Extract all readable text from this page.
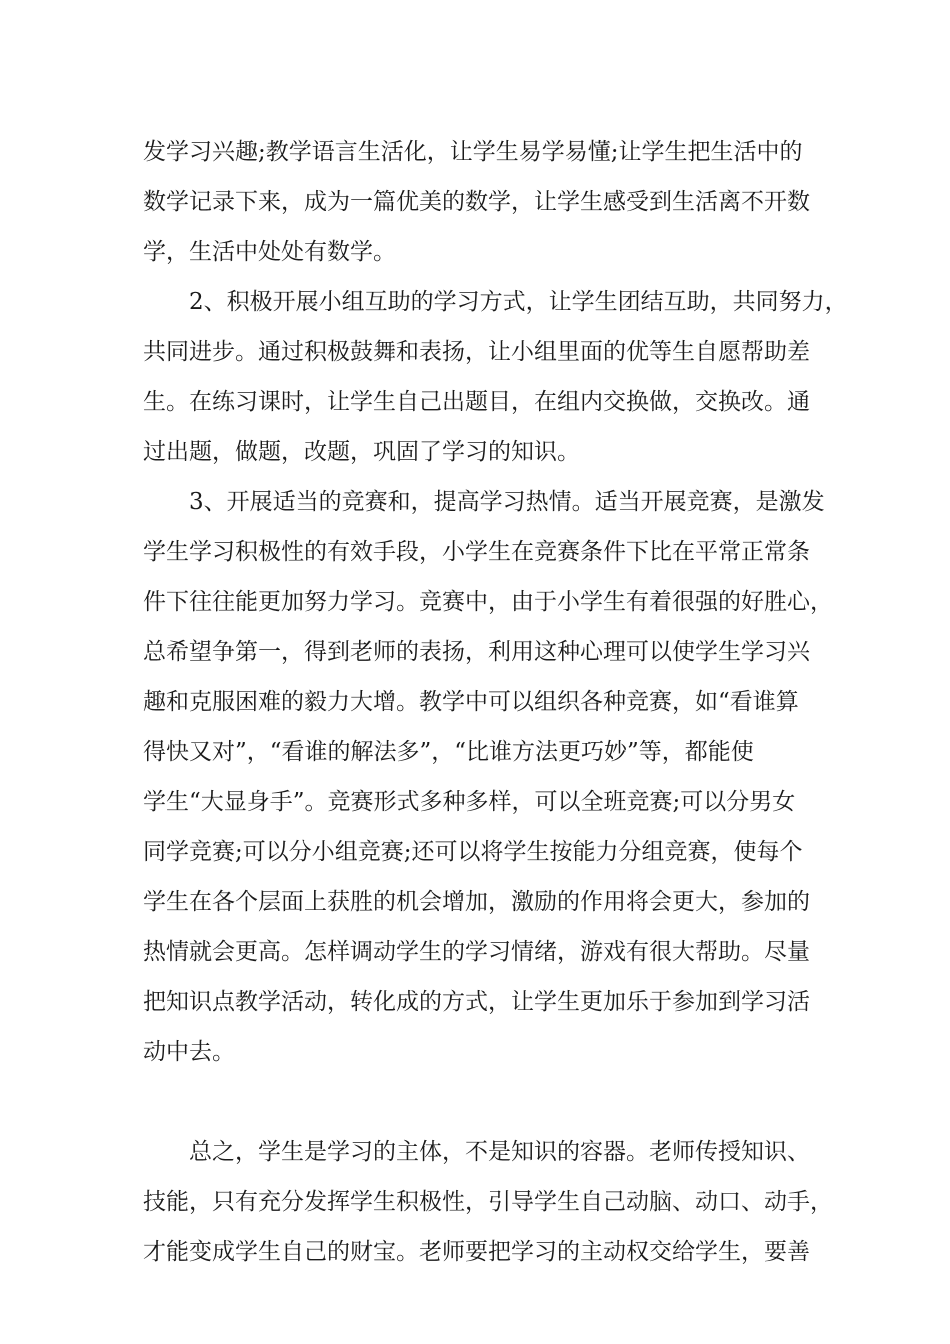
发学习兴趣;教学语言生活化，让学生易学易懂;让学生把生活中的
数学记录下来，成为一篇优美的数学，让学生感受到生活离不开数
学，生活中处处有数学。

　　2、积极开展小组互助的学习方式，让学生团结互助，共同努力，
共同进步。通过积极鼓舞和表扬，让小组里面的优等生自愿帮助差
生。在练习课时，让学生自己出题目，在组内交换做，交换改。通
过出题，做题，改题，巩固了学习的知识。

　　3、开展适当的竞赛和，提高学习热情。适当开展竞赛，是激发
学生学习积极性的有效手段，小学生在竞赛条件下比在平常正常条
件下往往能更加努力学习。竞赛中，由于小学生有着很强的好胜心，
总希望争第一，得到老师的表扬，利用这种心理可以使学生学习兴
趣和克服困难的毅力大增。教学中可以组织各种竞赛，如“看谁算
得快又对”，“看谁的解法多”，“比谁方法更巧妙”等，都能使
学生“大显身手”。竞赛形式多种多样，可以全班竞赛;可以分男女
同学竞赛;可以分小组竞赛;还可以将学生按能力分组竞赛，使每个
学生在各个层面上获胜的机会增加，激励的作用将会更大，参加的
热情就会更高。怎样调动学生的学习情绪，游戏有很大帮助。尽量
把知识点教学活动，转化成的方式，让学生更加乐于参加到学习活
动中去。

　　总之，学生是学习的主体，不是知识的容器。老师传授知识、
技能，只有充分发挥学生积极性，引导学生自己动脑、动口、动手，
才能变成学生自己的财宝。老师要把学习的主动权交给学生，要善
